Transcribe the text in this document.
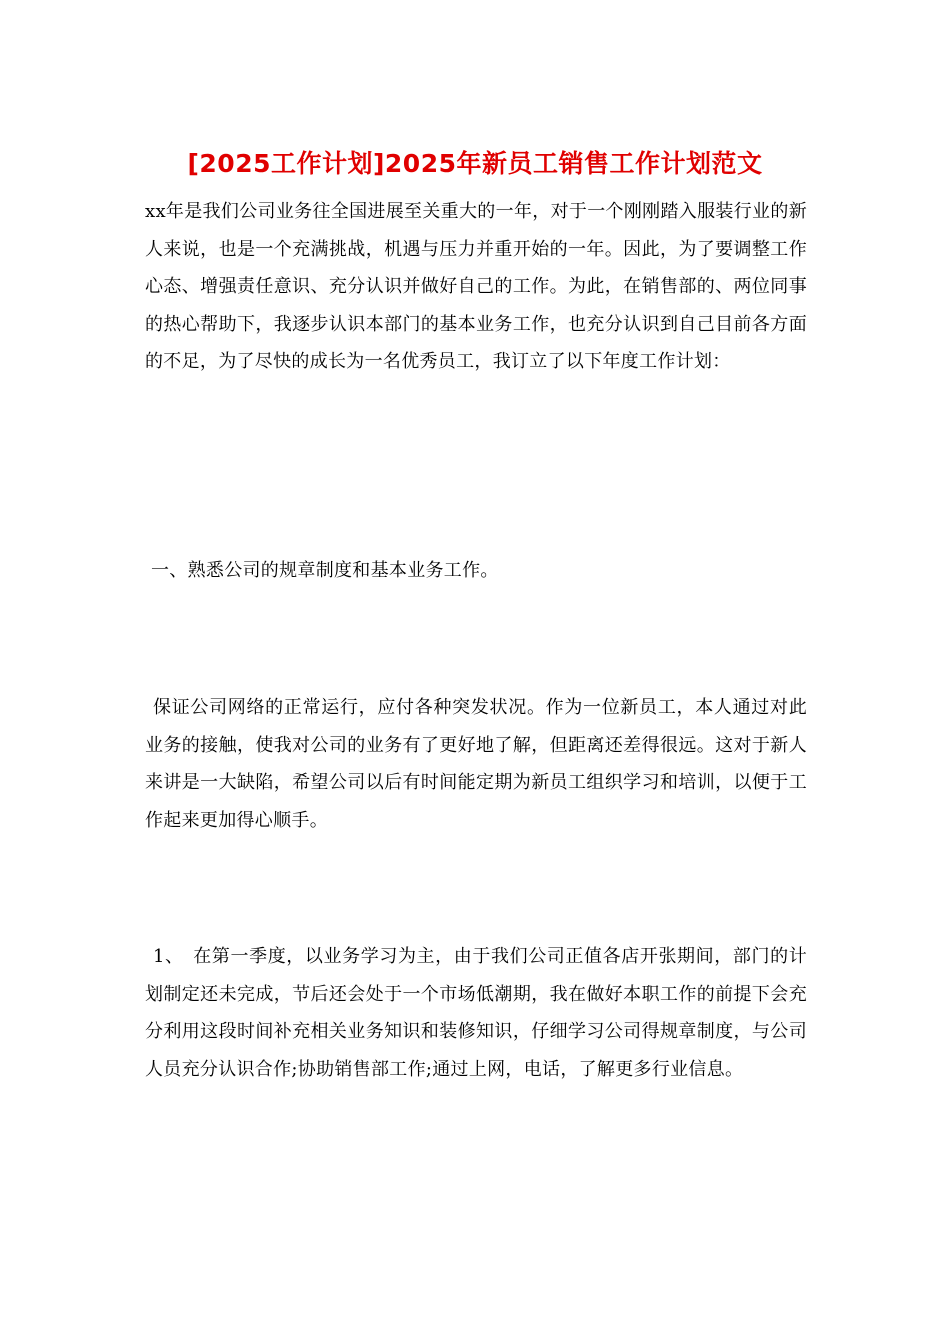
[2025工作计划]2025年新员工销售工作计划范文

xx年是我们公司业务往全国进展至关重大的一年，对于一个刚刚踏入服装行业的新人来说，也是一个充满挑战，机遇与压力并重开始的一年。因此，为了要调整工作心态、增强责任意识、充分认识并做好自己的工作。为此，在销售部的、两位同事的热心帮助下，我逐步认识本部门的基本业务工作，也充分认识到自己目前各方面的不足，为了尽快的成长为一名优秀员工，我订立了以下年度工作计划：

一、熟悉公司的规章制度和基本业务工作。

保证公司网络的正常运行，应付各种突发状况。作为一位新员工，本人通过对此业务的接触，使我对公司的业务有了更好地了解，但距离还差得很远。这对于新人来讲是一大缺陷，希望公司以后有时间能定期为新员工组织学习和培训，以便于工作起来更加得心顺手。

1、　在第一季度，以业务学习为主，由于我们公司正值各店开张期间，部门的计划制定还未完成，节后还会处于一个市场低潮期，我在做好本职工作的前提下会充分利用这段时间补充相关业务知识和装修知识，仔细学习公司得规章制度，与公司人员充分认识合作;协助销售部工作;通过上网，电话，了解更多行业信息。
